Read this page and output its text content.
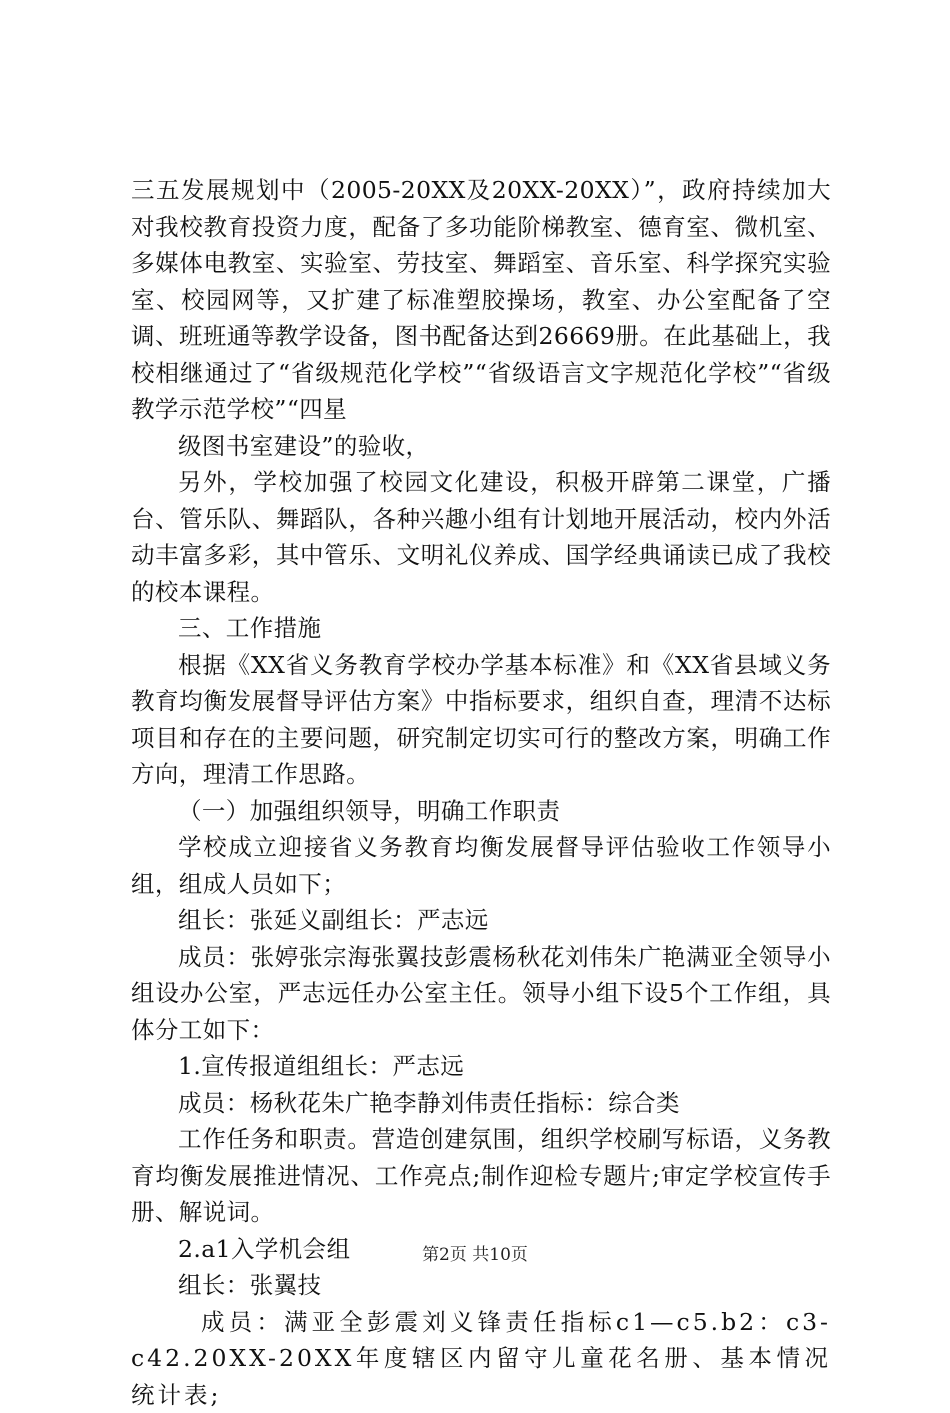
三五发展规划中（2005-20XX及20XX-20XX）”，政府持续加大对我校教育投资力度，配备了多功能阶梯教室、德育室、微机室、多媒体电教室、实验室、劳技室、舞蹈室、音乐室、科学探究实验室、校园网等，又扩建了标准塑胶操场，教室、办公室配备了空调、班班通等教学设备，图书配备达到26669册。在此基础上，我校相继通过了“省级规范化学校”“省级语言文字规范化学校”“省级教学示范学校”“四星

级图书室建设”的验收，

另外，学校加强了校园文化建设，积极开辟第二课堂，广播台、管乐队、舞蹈队，各种兴趣小组有计划地开展活动，校内外活动丰富多彩，其中管乐、文明礼仪养成、国学经典诵读已成了我校的校本课程。

三、工作措施

根据《XX省义务教育学校办学基本标准》和《XX省县域义务教育均衡发展督导评估方案》中指标要求，组织自查，理清不达标项目和存在的主要问题，研究制定切实可行的整改方案，明确工作方向，理清工作思路。

（一）加强组织领导，明确工作职责

学校成立迎接省义务教育均衡发展督导评估验收工作领导小组，组成人员如下；

组长：张延义副组长：严志远

成员：张婷张宗海张翼技彭震杨秋花刘伟朱广艳满亚全领导小组设办公室，严志远任办公室主任。领导小组下设5个工作组，具体分工如下：

1.宣传报道组组长：严志远

成员：杨秋花朱广艳李静刘伟责任指标：综合类

工作任务和职责。营造创建氛围，组织学校刷写标语，义务教育均衡发展推进情况、工作亮点;制作迎检专题片;审定学校宣传手册、解说词。

2.a1入学机会组

组长：张翼技

成员：满亚全彭震刘义锋责任指标c1—c5.b2：c3-c42.20XX-20XX年度辖区内留守儿童花名册、基本情况统计表;

第2页 共10页
